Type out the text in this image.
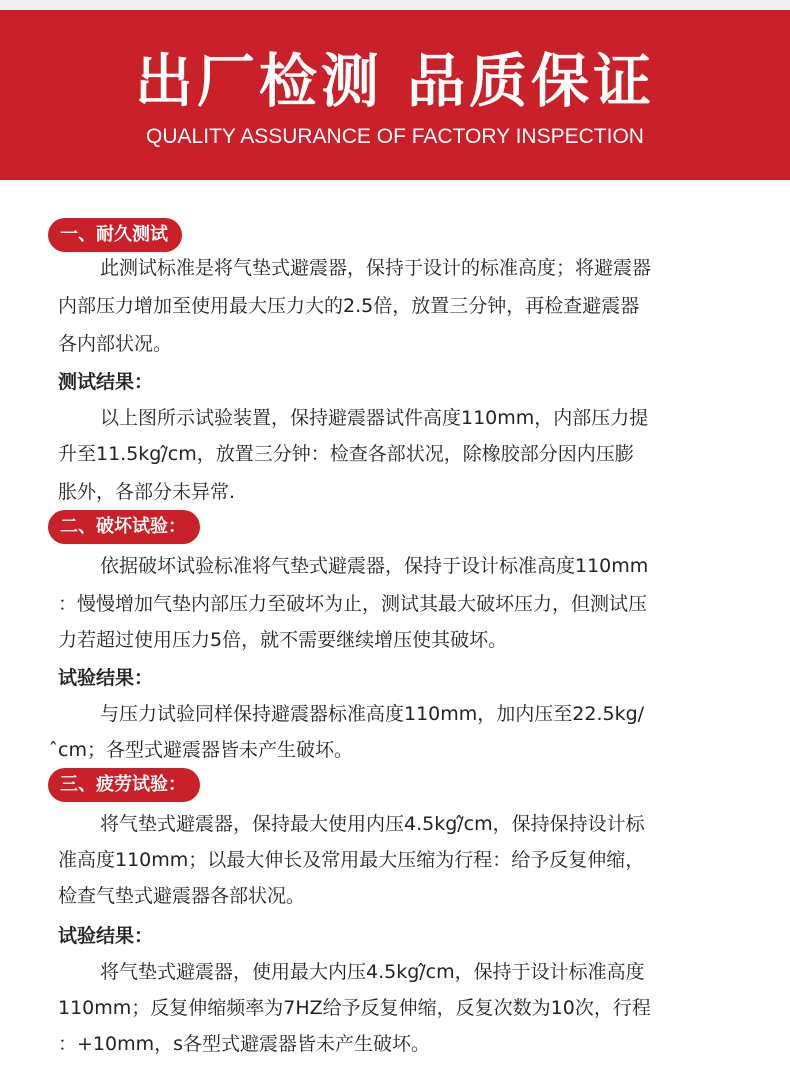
出厂检测 品质保证
QUALITY ASSURANCE OF FACTORY INSPECTION
一、耐久测试
此测试标准是将气垫式避震器，保持于设计的标准高度；将避震器
内部压力增加至使用最大压力大的2.5倍，放置三分钟，再检查避震器
各内部状况。
测试结果：
以上图所示试验装置，保持避震器试件高度110mm，内部压力提
升至11.5kg/̂cm，放置三分钟：检查各部状况，除橡胶部分因内压膨
胀外，各部分未异常.
二、破坏试验：
依据破坏试验标准将气垫式避震器，保持于设计标准高度110mm
：慢慢增加气垫内部压力至破坏为止，测试其最大破坏压力，但测试压
力若超过使用压力5倍，就不需要继续增压使其破坏。
试验结果：
与压力试验同样保持避震器标准高度110mm，加内压至22.5kg/
̂cm；各型式避震器皆未产生破坏。
三、疲劳试验：
将气垫式避震器，保持最大使用内压4.5kg/̂cm，保持保持设计标
准高度110mm；以最大伸长及常用最大压缩为行程：给予反复伸缩，
检查气垫式避震器各部状况。
试验结果：
将气垫式避震器，使用最大内压4.5kg/̂cm，保持于设计标准高度
110mm；反复伸缩频率为7HZ给予反复伸缩，反复次数为10次，行程
：+10mm，s各型式避震器皆未产生破坏。
